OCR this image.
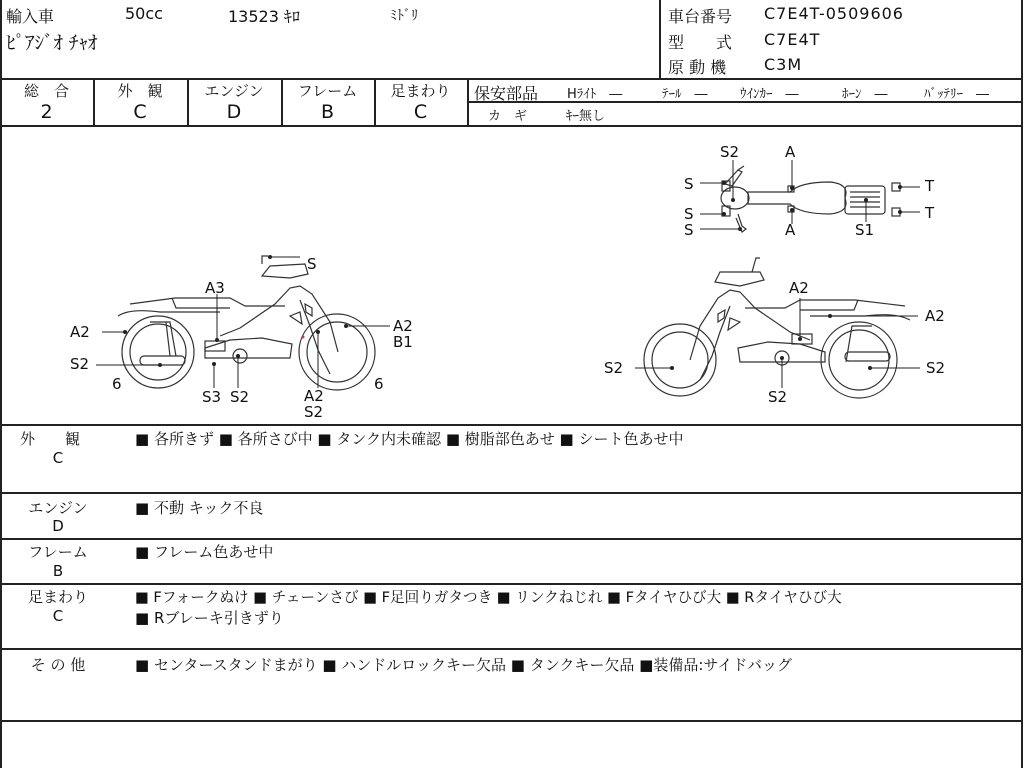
輸入車	50cc	13523 ｷﾛ	ﾐﾄﾞﾘ
ﾋﾟｱｼﾞｵ ﾁｬｵ
車台番号 C7E4T-0509606
型　　式 C7E4T
原 動 機 C3M
総　合
2
外　観
C
エンジン
D
フレーム
B
足まわり
C
保安部品 Hﾗｲﾄ　―	ﾃｰﾙ　― ｳｲﾝｶｰ　―	ﾎｰﾝ　―	ﾊﾞｯﾃﾘｰ　―
カ　ギ	ｷｰ無し
S2	A
S	T
S	T
S	A	S1
S
A3
A2	A2
B1
S2
6
S3 S2	A2
S2
6
A2
A2
S2	S2
S2
外　　観
C
■ 各所きず ■ 各所さび中 ■ タンク内未確認 ■ 樹脂部色あせ ■ シート色あせ中
エンジン
D
■ 不動 キック不良
フレーム
B
■ フレーム色あせ中
足まわり
C
■ Fフォークぬけ ■ チェーンさび ■ F足回りガタつき ■ リンクねじれ ■ Fタイヤひび大 ■ Rタイヤひび大
■ Rブレーキ引きずり
そ の 他	■ センタースタンドまがり ■ ハンドルロックキー欠品 ■ タンクキー欠品 ■装備品:サイドバッグ
